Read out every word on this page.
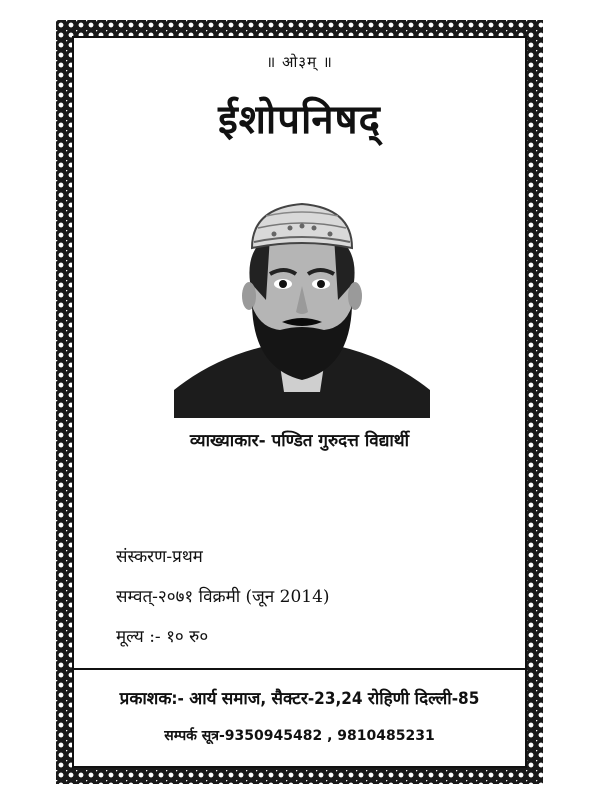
॥ ओ३म् ॥
ईशोपनिषद्
व्याख्याकार- पण्डित गुरुदत्त विद्यार्थी
संस्करण-प्रथम
सम्वत्-२०७१ विक्रमी (जून 2014)
मूल्य :- १० रु०
प्रकाशक:- आर्य समाज, सैक्टर-23,24 रोहिणी दिल्ली-85
सम्पर्क सूत्र-9350945482 , 9810485231
